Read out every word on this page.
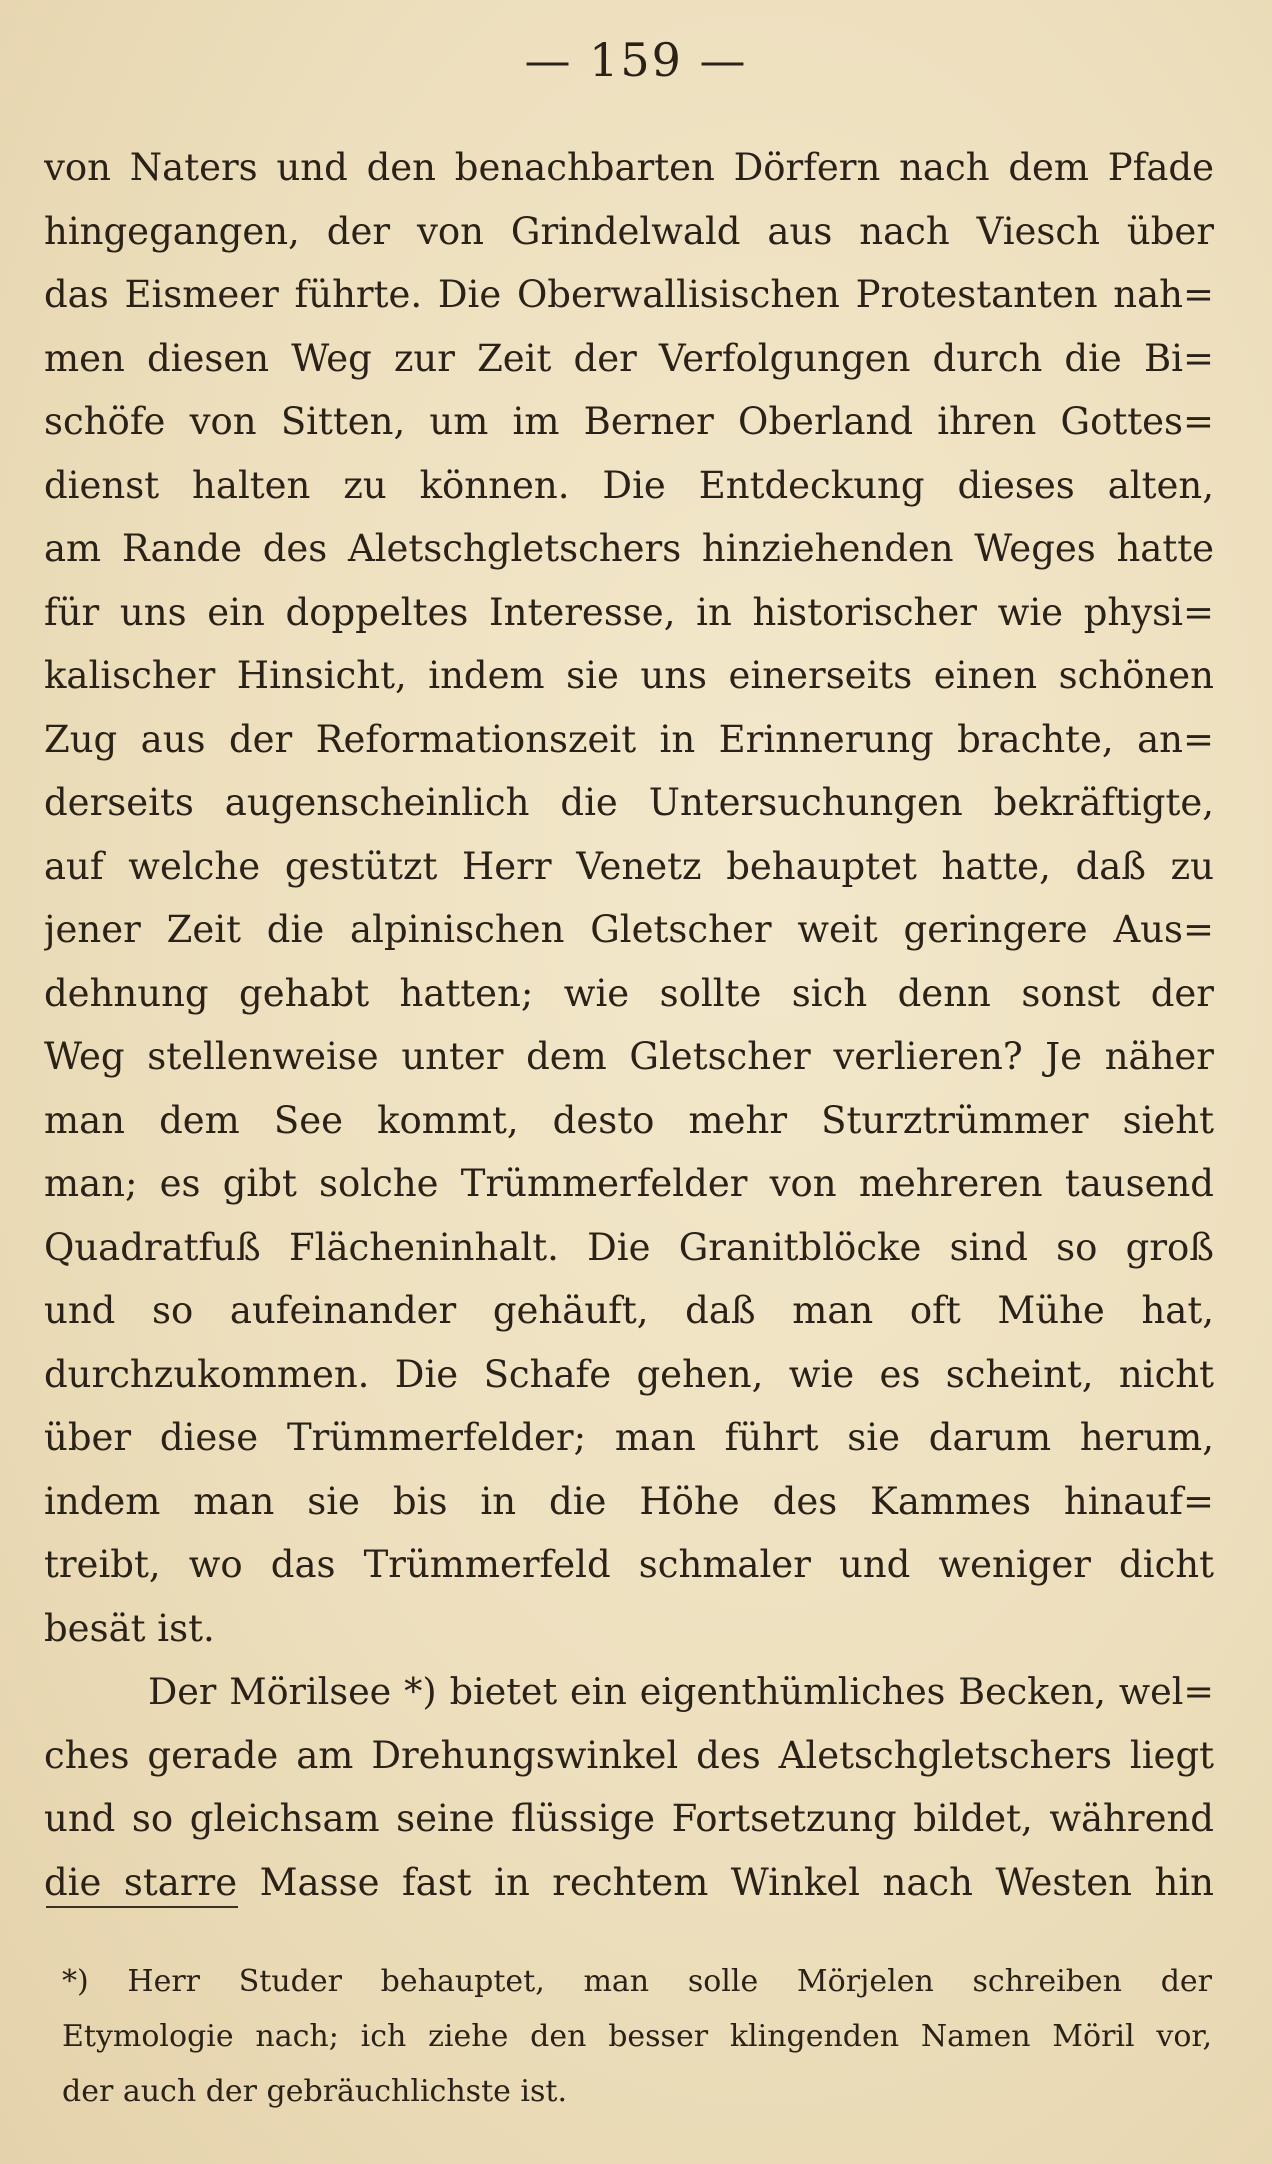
— 159 —
von Naters und den benachbarten Dörfern nach dem Pfade
hingegangen, der von Grindelwald aus nach Viesch über
das Eismeer führte. Die Oberwallisischen Protestanten nah=
men diesen Weg zur Zeit der Verfolgungen durch die Bi=
schöfe von Sitten, um im Berner Oberland ihren Gottes=
dienst halten zu können. Die Entdeckung dieses alten,
am Rande des Aletschgletschers hinziehenden Weges hatte
für uns ein doppeltes Interesse, in historischer wie physi=
kalischer Hinsicht, indem sie uns einerseits einen schönen
Zug aus der Reformationszeit in Erinnerung brachte, an=
derseits augenscheinlich die Untersuchungen bekräftigte,
auf welche gestützt Herr Venetz behauptet hatte, daß zu
jener Zeit die alpinischen Gletscher weit geringere Aus=
dehnung gehabt hatten; wie sollte sich denn sonst der
Weg stellenweise unter dem Gletscher verlieren? Je näher
man dem See kommt, desto mehr Sturztrümmer sieht
man; es gibt solche Trümmerfelder von mehreren tausend
Quadratfuß Flächeninhalt. Die Granitblöcke sind so groß
und so aufeinander gehäuft, daß man oft Mühe hat,
durchzukommen. Die Schafe gehen, wie es scheint, nicht
über diese Trümmerfelder; man führt sie darum herum,
indem man sie bis in die Höhe des Kammes hinauf=
treibt, wo das Trümmerfeld schmaler und weniger dicht
besät ist.
Der Mörilsee *) bietet ein eigenthümliches Becken, wel=
ches gerade am Drehungswinkel des Aletschgletschers liegt
und so gleichsam seine flüssige Fortsetzung bildet, während
die starre Masse fast in rechtem Winkel nach Westen hin
*) Herr Studer behauptet, man solle Mörjelen schreiben der
Etymologie nach; ich ziehe den besser klingenden Namen Möril vor,
der auch der gebräuchlichste ist.
